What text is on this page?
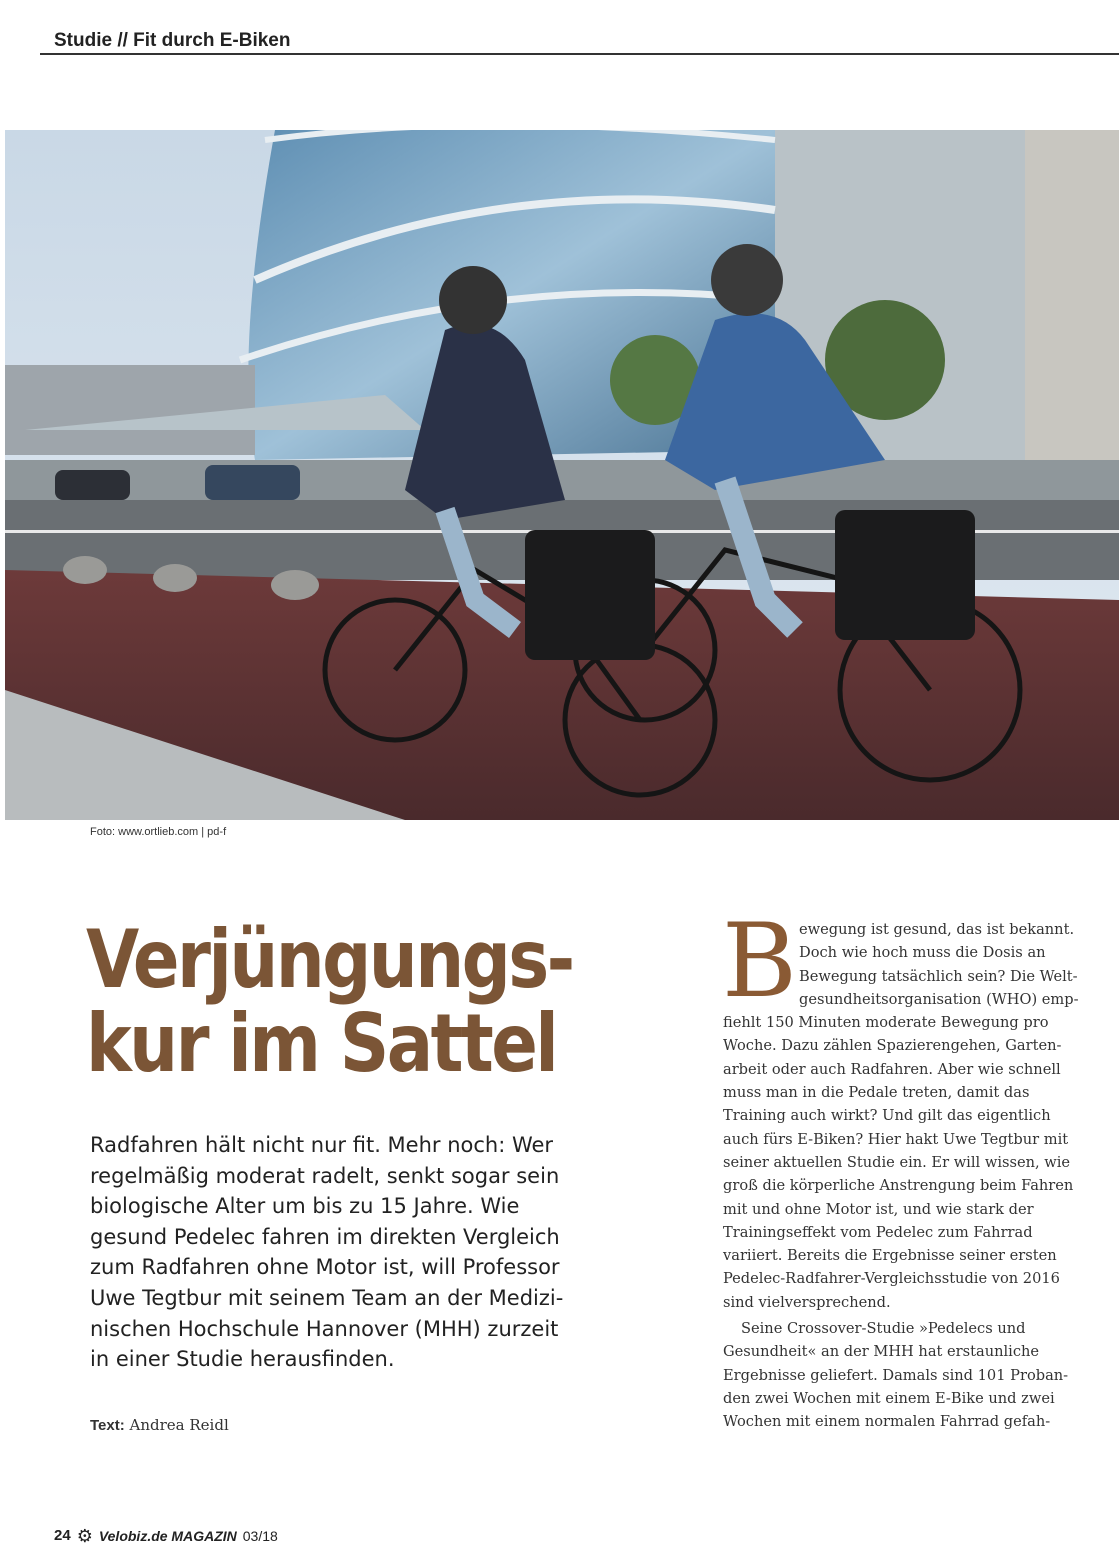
Studie // Fit durch E-Biken
Foto: www.ortlieb.com | pd-f
Verjüngungs-
kur im Sattel

Radfahren hält nicht nur fit. Mehr noch: Wer
regelmäßig moderat radelt, senkt sogar sein
biologische Alter um bis zu 15 Jahre. Wie
gesund Pedelec fahren im direkten Vergleich
zum Radfahren ohne Motor ist, will Professor
Uwe Tegtbur mit seinem Team an der Medizi-
nischen Hochschule Hannover (MHH) zurzeit
in einer Studie herausfinden.

Text: Andrea Reidl
B ewegung ist gesund, das ist bekannt.
Doch wie hoch muss die Dosis an
Bewegung tatsächlich sein? Die Welt-
gesundheitsorganisation (WHO) emp-
fiehlt 150 Minuten moderate Bewegung pro
Woche. Dazu zählen Spazierengehen, Garten-
arbeit oder auch Radfahren. Aber wie schnell
muss man in die Pedale treten, damit das
Training auch wirkt? Und gilt das eigentlich
auch fürs E-Biken? Hier hakt Uwe Tegtbur mit
seiner aktuellen Studie ein. Er will wissen, wie
groß die körperliche Anstrengung beim Fahren
mit und ohne Motor ist, und wie stark der
Trainingseffekt vom Pedelec zum Fahrrad
variiert. Bereits die Ergebnisse seiner ersten
Pedelec-Radfahrer-Vergleichsstudie von 2016
sind vielversprechend.
Seine Crossover-Studie »Pedelecs und
Gesundheit« an der MHH hat erstaunliche
Ergebnisse geliefert. Damals sind 101 Proban-
den zwei Wochen mit einem E-Bike und zwei
Wochen mit einem normalen Fahrrad gefah-
24 ⚙ Velobiz.de MAGAZIN 03/18
